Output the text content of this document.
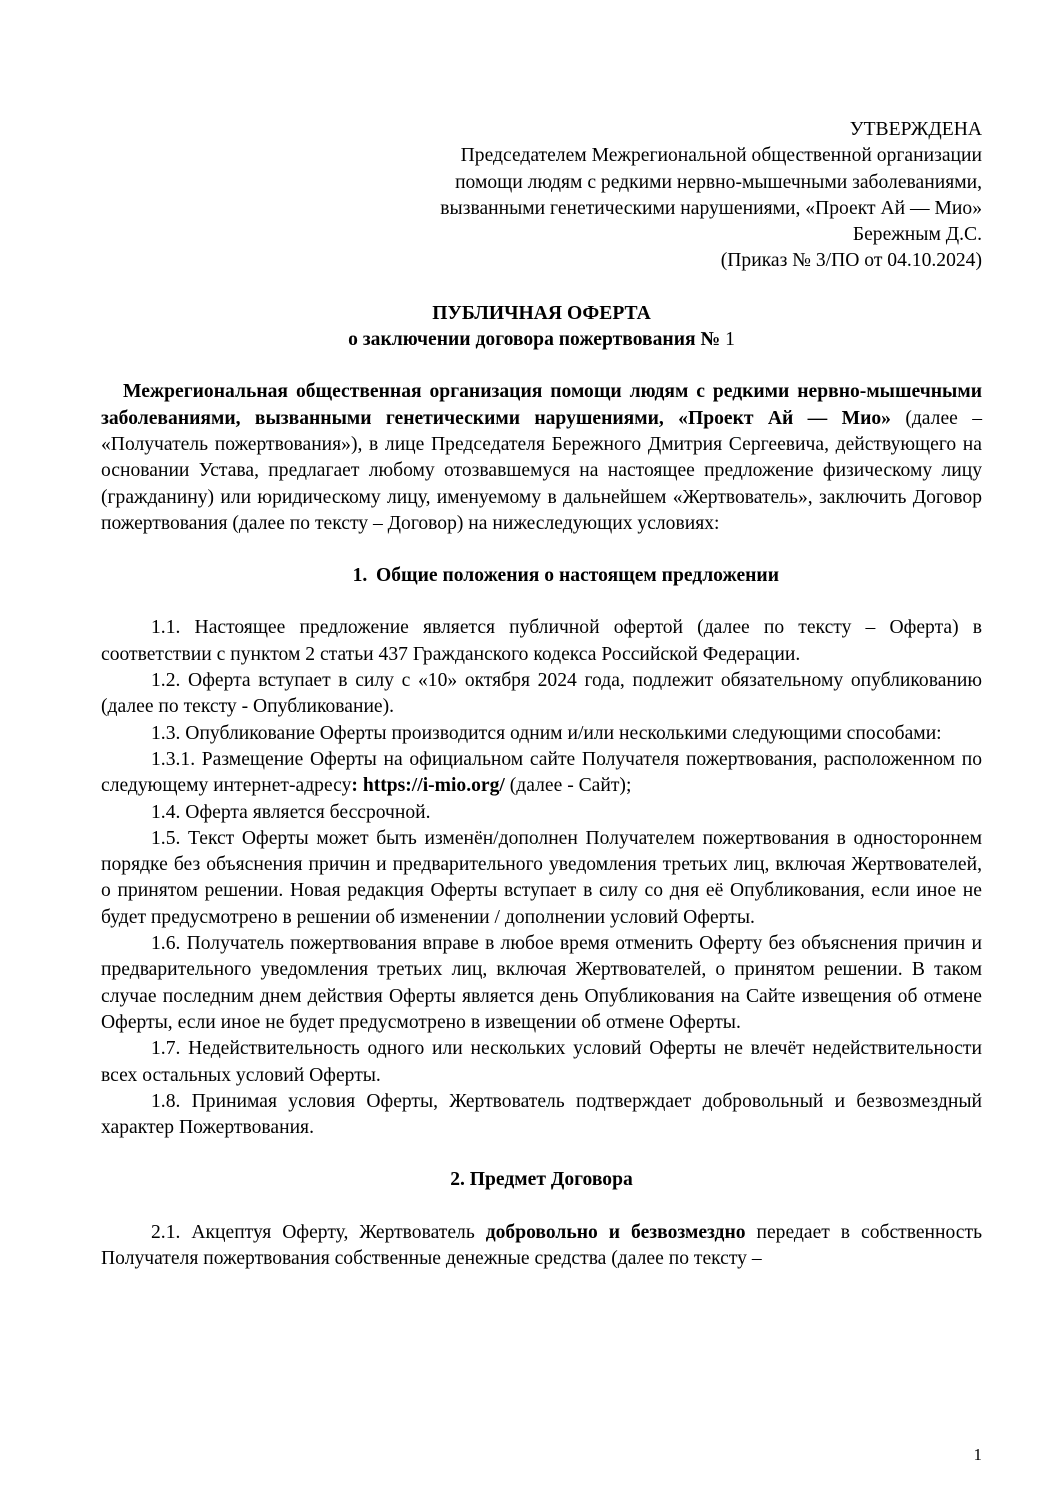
УТВЕРЖДЕНА
Председателем Межрегиональной общественной организации
помощи людям с редкими нервно-мышечными заболеваниями,
вызванными генетическими нарушениями, «Проект Ай — Мио»
Бережным Д.С.
(Приказ № 3/ПО от 04.10.2024)
ПУБЛИЧНАЯ ОФЕРТА
о заключении договора пожертвования № 1

Межрегиональная общественная организация помощи людям с редкими нервно-мышечными заболеваниями, вызванными генетическими нарушениями, «Проект Ай — Мио» (далее – «Получатель пожертвования»), в лице Председателя Бережного Дмитрия Сергеевича, действующего на основании Устава, предлагает любому отозвавшемуся на настоящее предложение физическому лицу (гражданину) или юридическому лицу, именуемому в дальнейшем «Жертвователь», заключить Договор пожертвования (далее по тексту – Договор) на нижеследующих условиях:

1. Общие положения о настоящем предложении

1.1. Настоящее предложение является публичной офертой (далее по тексту – Оферта) в соответствии с пунктом 2 статьи 437 Гражданского кодекса Российской Федерации.

1.2. Оферта вступает в силу с «10» октября 2024 года, подлежит обязательному опубликованию (далее по тексту - Опубликование).

1.3. Опубликование Оферты производится одним и/или несколькими следующими способами:

1.3.1. Размещение Оферты на официальном сайте Получателя пожертвования, расположенном по следующему интернет-адресу: https://i-mio.org/ (далее - Сайт);

1.4. Оферта является бессрочной.

1.5. Текст Оферты может быть изменён/дополнен Получателем пожертвования в одностороннем порядке без объяснения причин и предварительного уведомления третьих лиц, включая Жертвователей, о принятом решении. Новая редакция Оферты вступает в силу со дня её Опубликования, если иное не будет предусмотрено в решении об изменении / дополнении условий Оферты.

1.6. Получатель пожертвования вправе в любое время отменить Оферту без объяснения причин и предварительного уведомления третьих лиц, включая Жертвователей, о принятом решении. В таком случае последним днем действия Оферты является день Опубликования на Сайте извещения об отмене Оферты, если иное не будет предусмотрено в извещении об отмене Оферты.

1.7. Недействительность одного или нескольких условий Оферты не влечёт недействительности всех остальных условий Оферты.

1.8. Принимая условия Оферты, Жертвователь подтверждает добровольный и безвозмездный характер Пожертвования.

2. Предмет Договора

2.1. Акцептуя Оферту, Жертвователь добровольно и безвозмездно передает в собственность Получателя пожертвования собственные денежные средства (далее по тексту –

1
